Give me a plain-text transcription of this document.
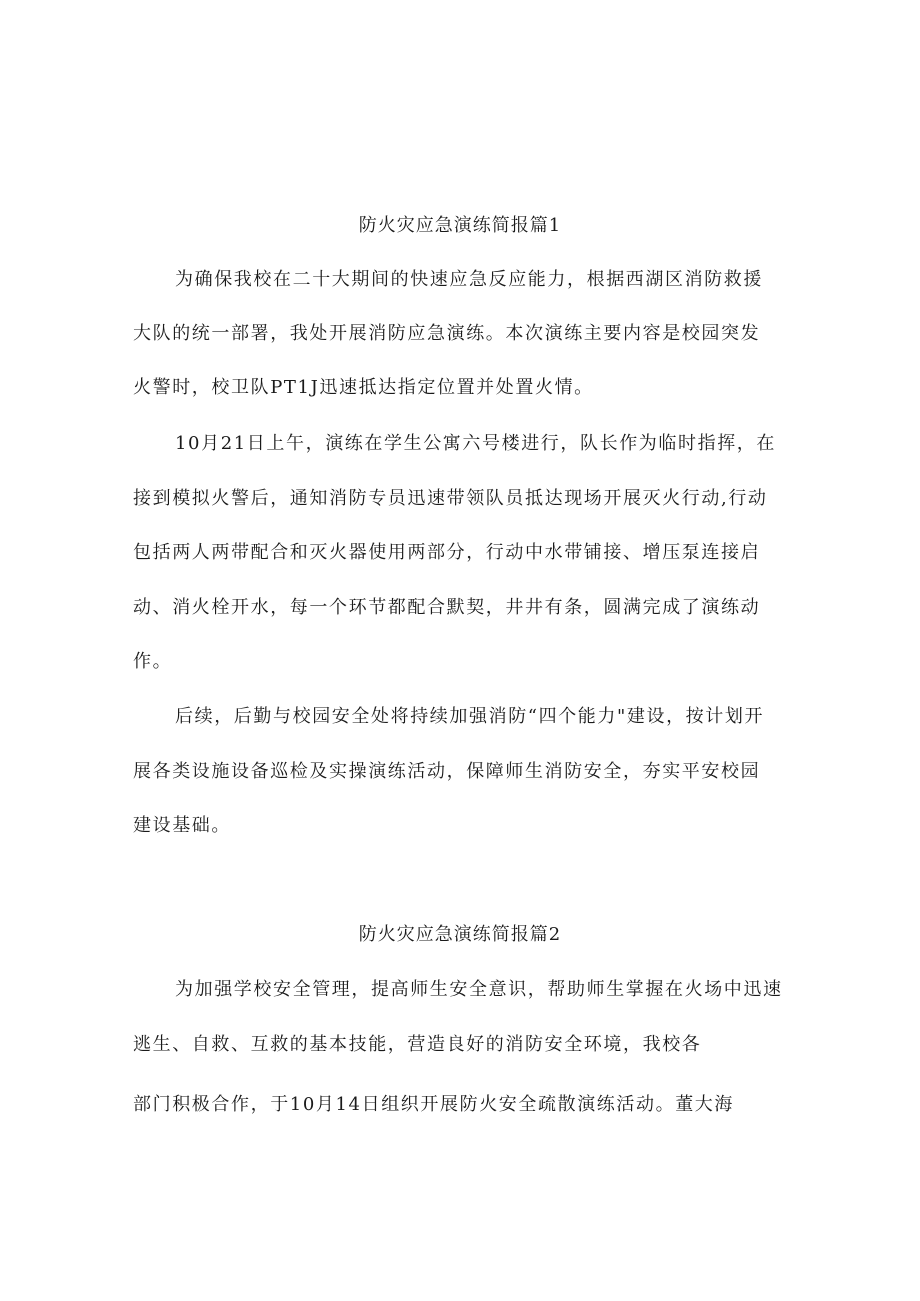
防火灾应急演练简报篇1
为确保我校在二十大期间的快速应急反应能力，根据西湖区消防救援
大队的统一部署，我处开展消防应急演练。本次演练主要内容是校园突发
火警时，校卫队PT1J迅速抵达指定位置并处置火情。
10月21日上午，演练在学生公寓六号楼进行，队长作为临时指挥，在
接到模拟火警后，通知消防专员迅速带领队员抵达现场开展灭火行动,行动
包括两人两带配合和灭火器使用两部分，行动中水带铺接、增压泵连接启
动、消火栓开水，每一个环节都配合默契，井井有条，圆满完成了演练动
作。
后续，后勤与校园安全处将持续加强消防“四个能力"建设，按计划开
展各类设施设备巡检及实操演练活动，保障师生消防安全，夯实平安校园
建设基础。
防火灾应急演练简报篇2
为加强学校安全管理，提高师生安全意识，帮助师生掌握在火场中迅速
逃生、自救、互救的基本技能，营造良好的消防安全环境，我校各
部门积极合作，于10月14日组织开展防火安全疏散演练活动。董大海
